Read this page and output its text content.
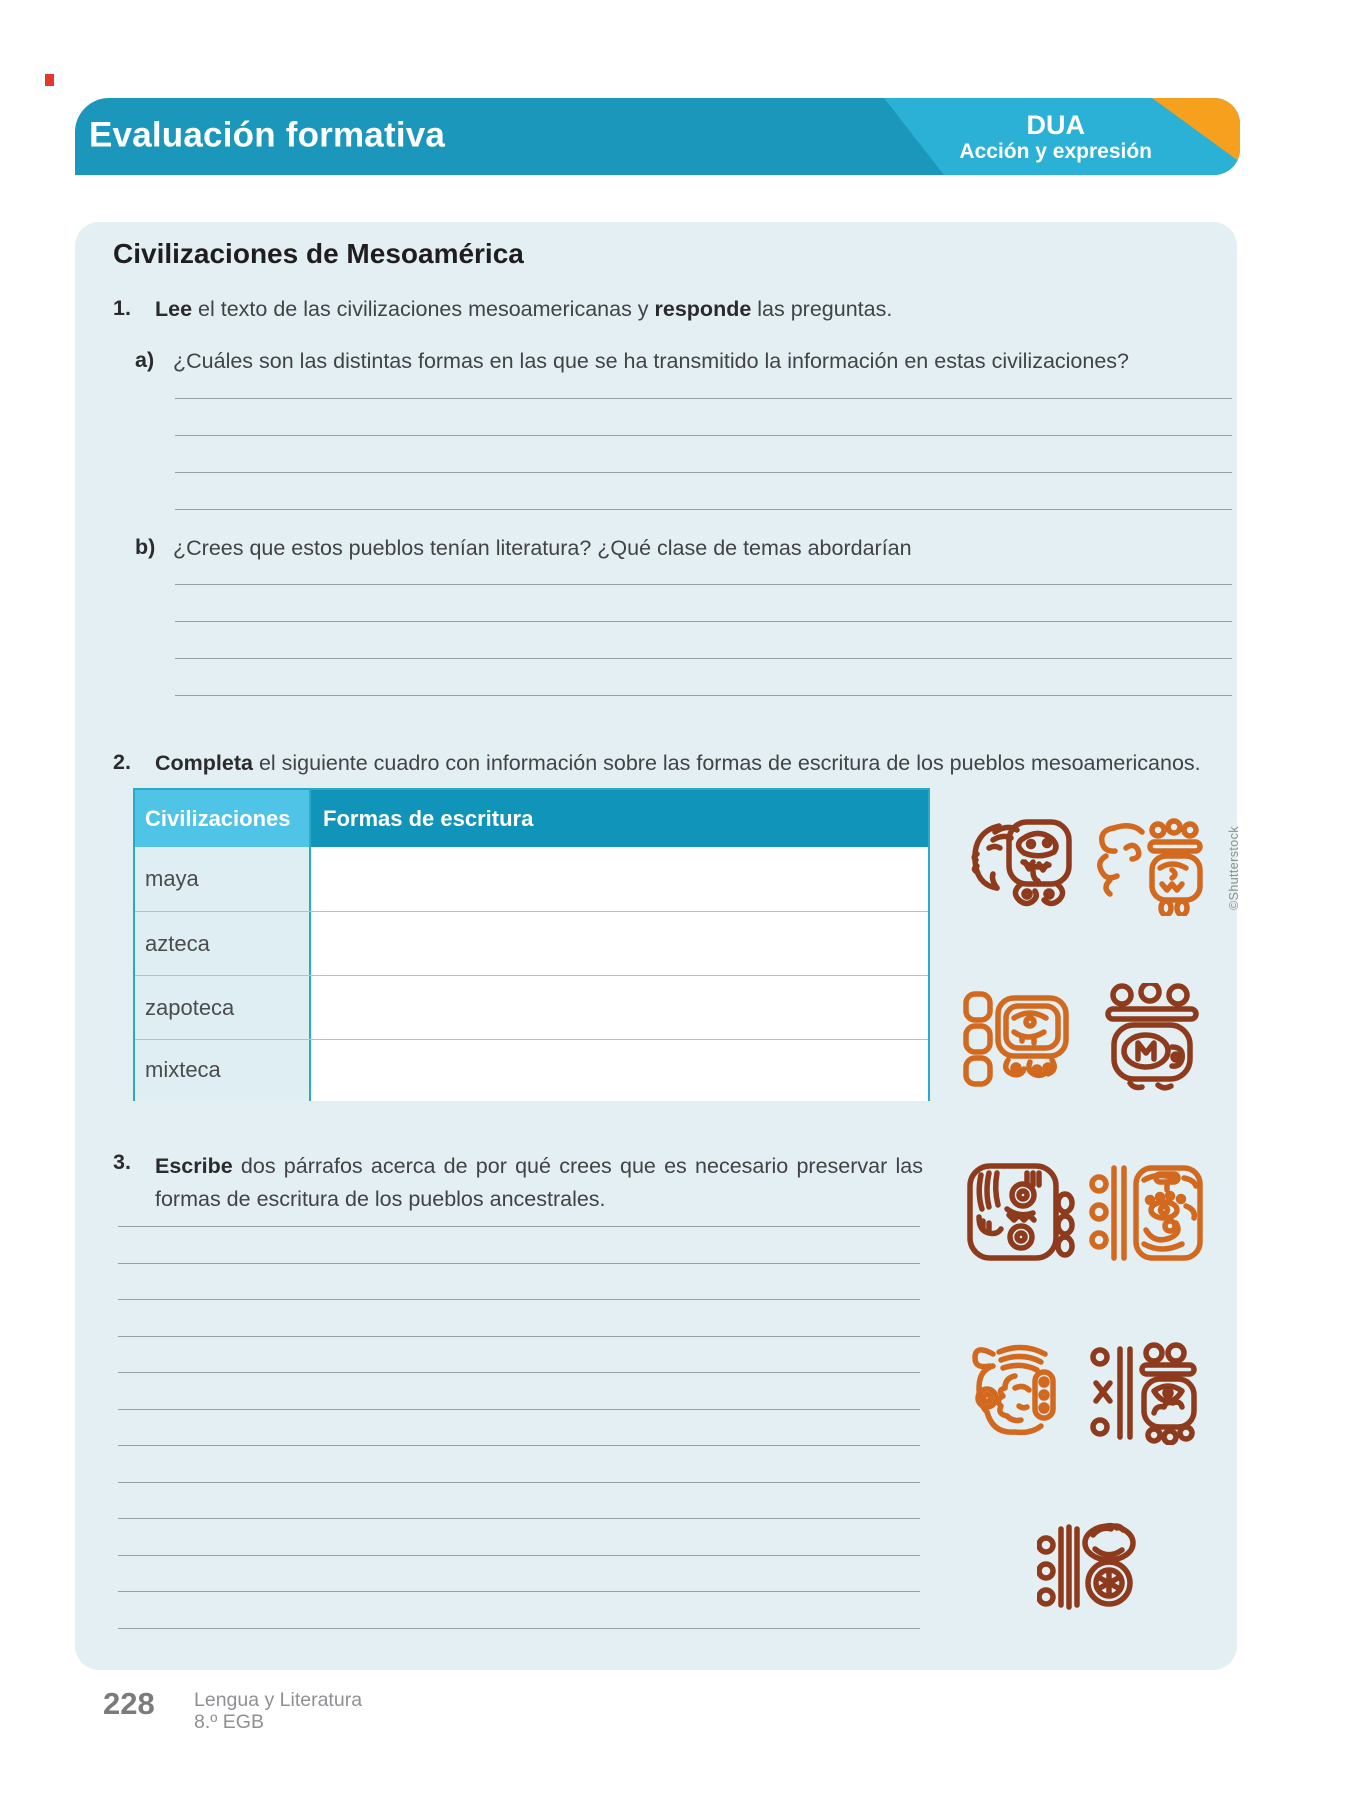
Evaluación formativa	DUA
Acción y expresión
Civilizaciones de Mesoamérica
1. Lee el texto de las civilizaciones mesoamericanas y responde las preguntas.

a) ¿Cuáles son las distintas formas en las que se ha transmitido la información en estas civilizaciones?
b) ¿Crees que estos pueblos tenían literatura? ¿Qué clase de temas abordarían
2. Completa el siguiente cuadro con información sobre las formas de escritura de los pueblos mesoamericanos.

Civilizaciones	Formas de escritura
maya
azteca
zapoteca
mixteca
3. Escribe dos párrafos acerca de por qué crees que es necesario preservar las formas de escritura de los pueblos ancestrales.

©Shutterstock
228 Lengua y Literatura
8.º EGB
